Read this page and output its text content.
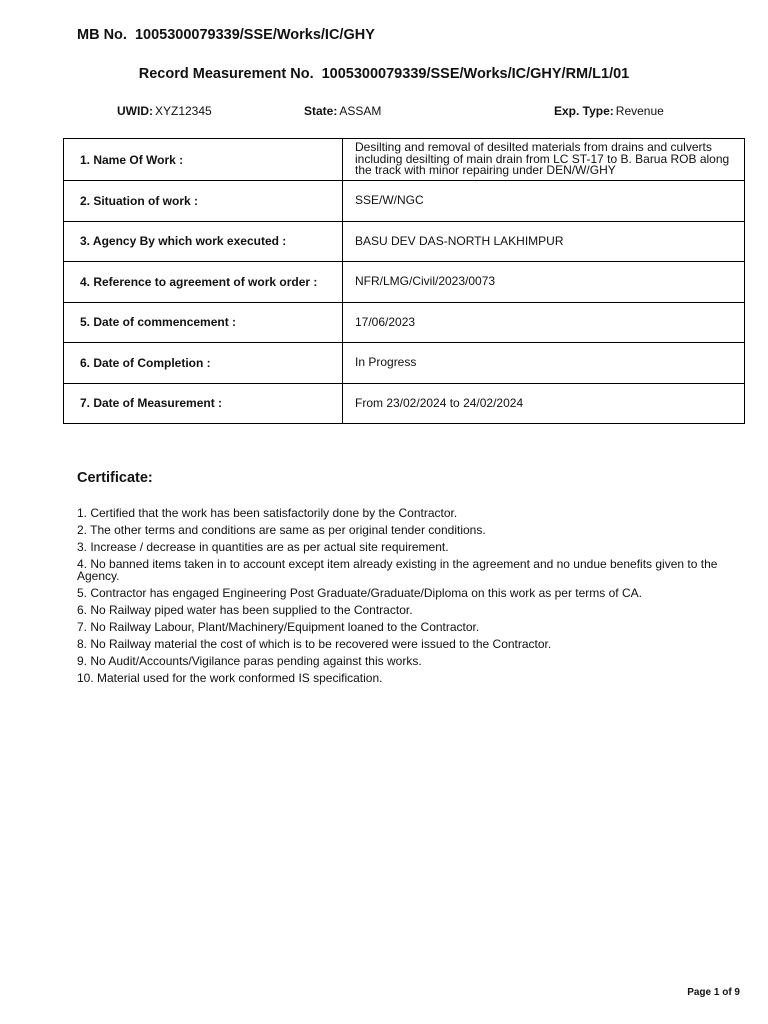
MB No. 1005300079339/SSE/Works/IC/GHY
Record Measurement No. 1005300079339/SSE/Works/IC/GHY/RM/L1/01
UWID: XYZ12345	State: ASSAM	Exp. Type: Revenue
1. Name Of Work :	Desilting and removal of desilted materials from drains and culverts including desilting of main drain from LC ST-17 to B. Barua ROB along the track with minor repairing under DEN/W/GHY
2. Situation of work :	SSE/W/NGC
3. Agency By which work executed :	BASU DEV DAS-NORTH LAKHIMPUR
4. Reference to agreement of work order :	NFR/LMG/Civil/2023/0073
5. Date of commencement :	17/06/2023
6. Date of Completion :	In Progress
7. Date of Measurement :	From 23/02/2024 to 24/02/2024
Certificate:
1. Certified that the work has been satisfactorily done by the Contractor.
2. The other terms and conditions are same as per original tender conditions.
3. Increase / decrease in quantities are as per actual site requirement.
4. No banned items taken in to account except item already existing in the agreement and no undue benefits given to the Agency.
5. Contractor has engaged Engineering Post Graduate/Graduate/Diploma on this work as per terms of CA.
6. No Railway piped water has been supplied to the Contractor.
7. No Railway Labour, Plant/Machinery/Equipment loaned to the Contractor.
8. No Railway material the cost of which is to be recovered were issued to the Contractor.
9. No Audit/Accounts/Vigilance paras pending against this works.
10. Material used for the work conformed IS specification.
Page 1 of 9
